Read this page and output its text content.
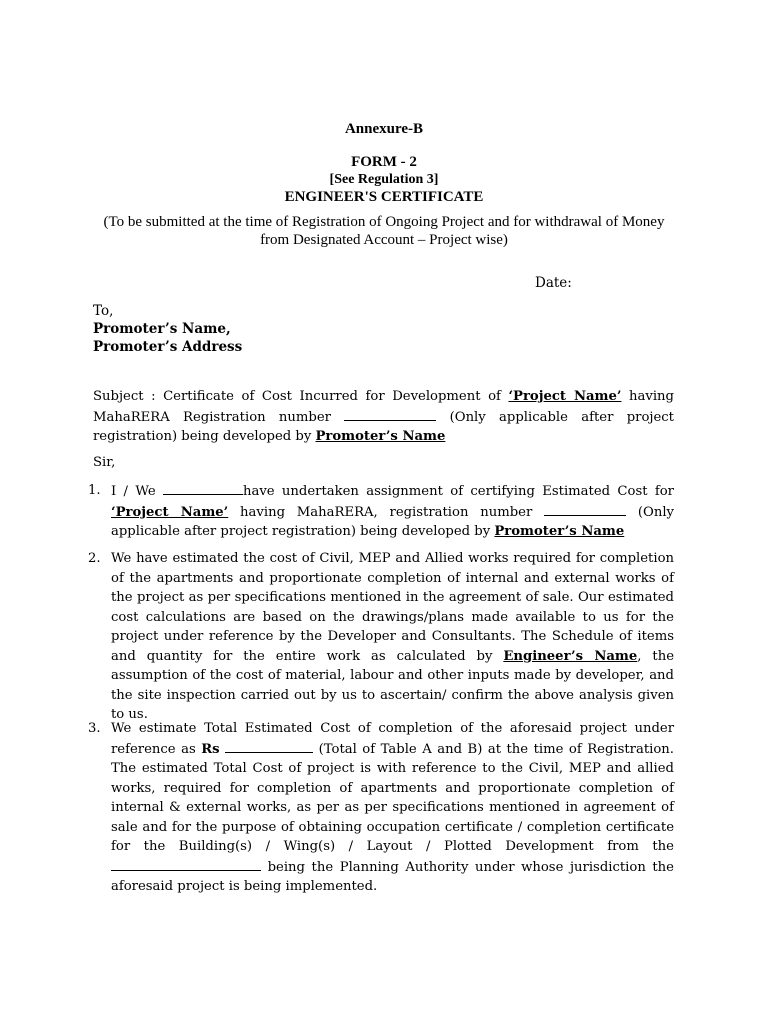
Annexure-B
FORM - 2
[See Regulation 3]
ENGINEER'S CERTIFICATE
(To be submitted at the time of Registration of Ongoing Project and for withdrawal of Money
from Designated Account – Project wise)
Date:
To,
Promoter’s Name,
Promoter’s Address
Subject : Certificate of Cost Incurred for Development of ‘Project Name’ having MahaRERA Registration number	(Only applicable after project registration) being developed by Promoter’s Name
Sir,
1. I / We	have undertaken assignment of certifying Estimated Cost for ‘Project Name’ having MahaRERA, registration number	(Only applicable after project registration) being developed by Promoter’s Name
2. We have estimated the cost of Civil, MEP and Allied works required for completion of the apartments and proportionate completion of internal and external works of the project as per specifications mentioned in the agreement of sale. Our estimated cost calculations are based on the drawings/plans made available to us for the project under reference by the Developer and Consultants. The Schedule of items and quantity for the entire work as calculated by Engineer’s Name, the assumption of the cost of material, labour and other inputs made by developer, and the site inspection carried out by us to ascertain/ confirm the above analysis given to us.
3. We estimate Total Estimated Cost of completion of the aforesaid project under reference as Rs	(Total of Table A and B) at the time of Registration. The estimated Total Cost of project is with reference to the Civil, MEP and allied works, required for completion of apartments and proportionate completion of internal & external works, as per as per specifications mentioned in agreement of sale and for the purpose of obtaining occupation certificate / completion certificate for the Building(s) / Wing(s) / Layout / Plotted Development from the  being the Planning Authority under whose jurisdiction the aforesaid project is being implemented.
